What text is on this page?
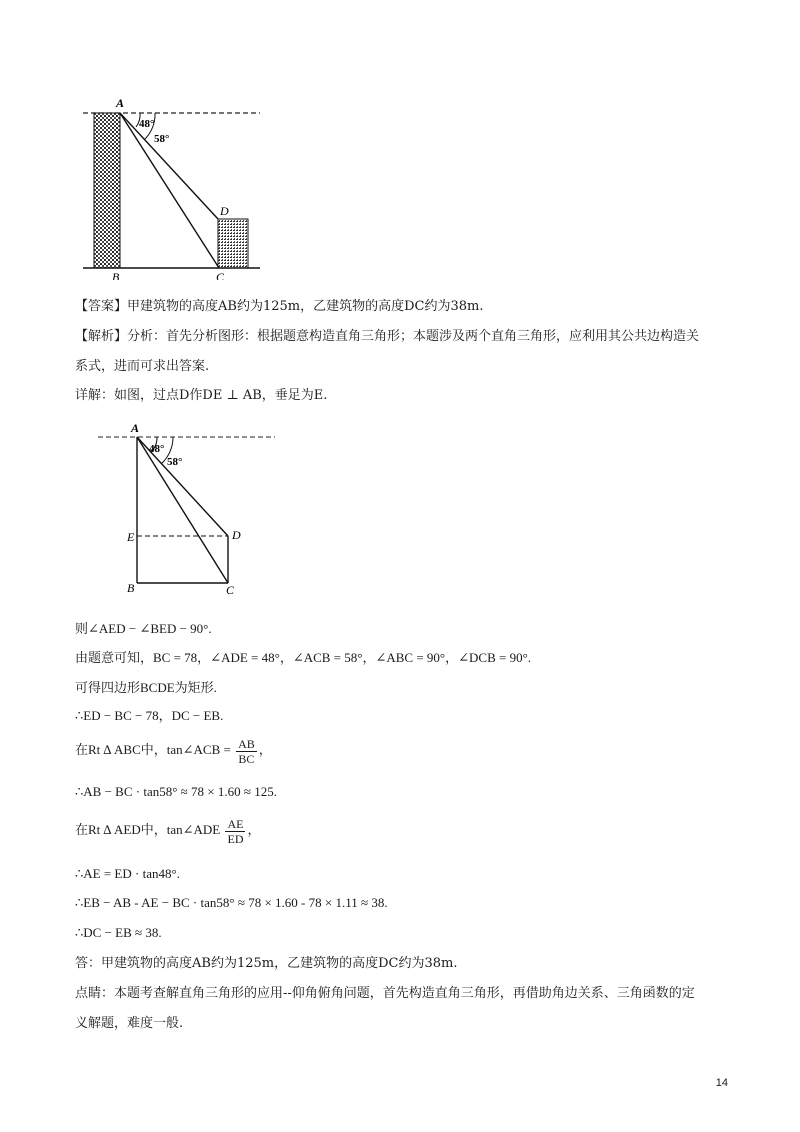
A
48°
58°
D
B	C
【答案】甲建筑物的高度AB约为125m，乙建筑物的高度DC约为38m.
【解析】分析：首先分析图形：根据题意构造直角三角形；本题涉及两个直角三角形，应利用其公共边构造关
系式，进而可求出答案.
详解：如图，过点D作DE ⊥ AB，垂足为E.
A
48°
58°
E	D
B	C
则∠AED − ∠BED − 90°.
由题意可知，BC = 78，∠ADE = 48°，∠ACB = 58°，∠ABC = 90°，∠DCB = 90°.
可得四边形BCDE为矩形.
∴ED − BC − 78，DC − EB.
在Rt ∆ ABC中，tan∠ACB = $\frac{AB}{BC}$ ，
∴AB − BC · tan58° ≈ 78 × 1.60 ≈ 125.
在Rt ∆ AED中，tan∠ADE $\frac{AE}{ED}$ ，
∴AE = ED · tan48°.
∴EB − AB - AE − BC · tan58° ≈ 78 × 1.60 - 78 × 1.11 ≈ 38.
∴DC − EB ≈ 38.
答：甲建筑物的高度AB约为125m，乙建筑物的高度DC约为38m.
点睛：本题考查解直角三角形的应用--仰角俯角问题，首先构造直角三角形，再借助角边关系、三角函数的定
义解题，难度一般.
14
